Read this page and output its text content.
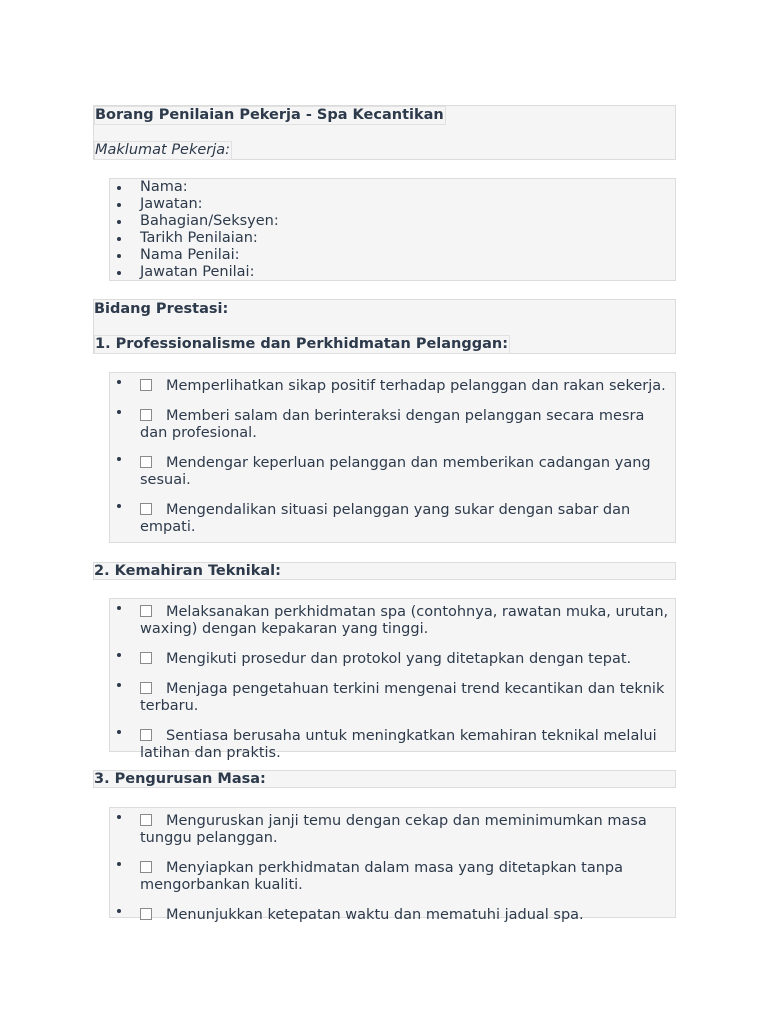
Borang Penilaian Pekerja - Spa Kecantikan
Maklumat Pekerja:
Nama:
Jawatan:
Bahagian/Seksyen:
Tarikh Penilaian:
Nama Penilai:
Jawatan Penilai:
Bidang Prestasi:
1. Professionalisme dan Perkhidmatan Pelanggan:
Memperlihatkan sikap positif terhadap pelanggan dan rakan sekerja.
Memberi salam dan berinteraksi dengan pelanggan secara mesra dan profesional.
Mendengar keperluan pelanggan dan memberikan cadangan yang sesuai.
Mengendalikan situasi pelanggan yang sukar dengan sabar dan empati.
2. Kemahiran Teknikal:
Melaksanakan perkhidmatan spa (contohnya, rawatan muka, urutan, waxing) dengan kepakaran yang tinggi.
Mengikuti prosedur dan protokol yang ditetapkan dengan tepat.
Menjaga pengetahuan terkini mengenai trend kecantikan dan teknik terbaru.
Sentiasa berusaha untuk meningkatkan kemahiran teknikal melalui latihan dan praktis.
3. Pengurusan Masa:
Menguruskan janji temu dengan cekap dan meminimumkan masa tunggu pelanggan.
Menyiapkan perkhidmatan dalam masa yang ditetapkan tanpa mengorbankan kualiti.
Menunjukkan ketepatan waktu dan mematuhi jadual spa.
